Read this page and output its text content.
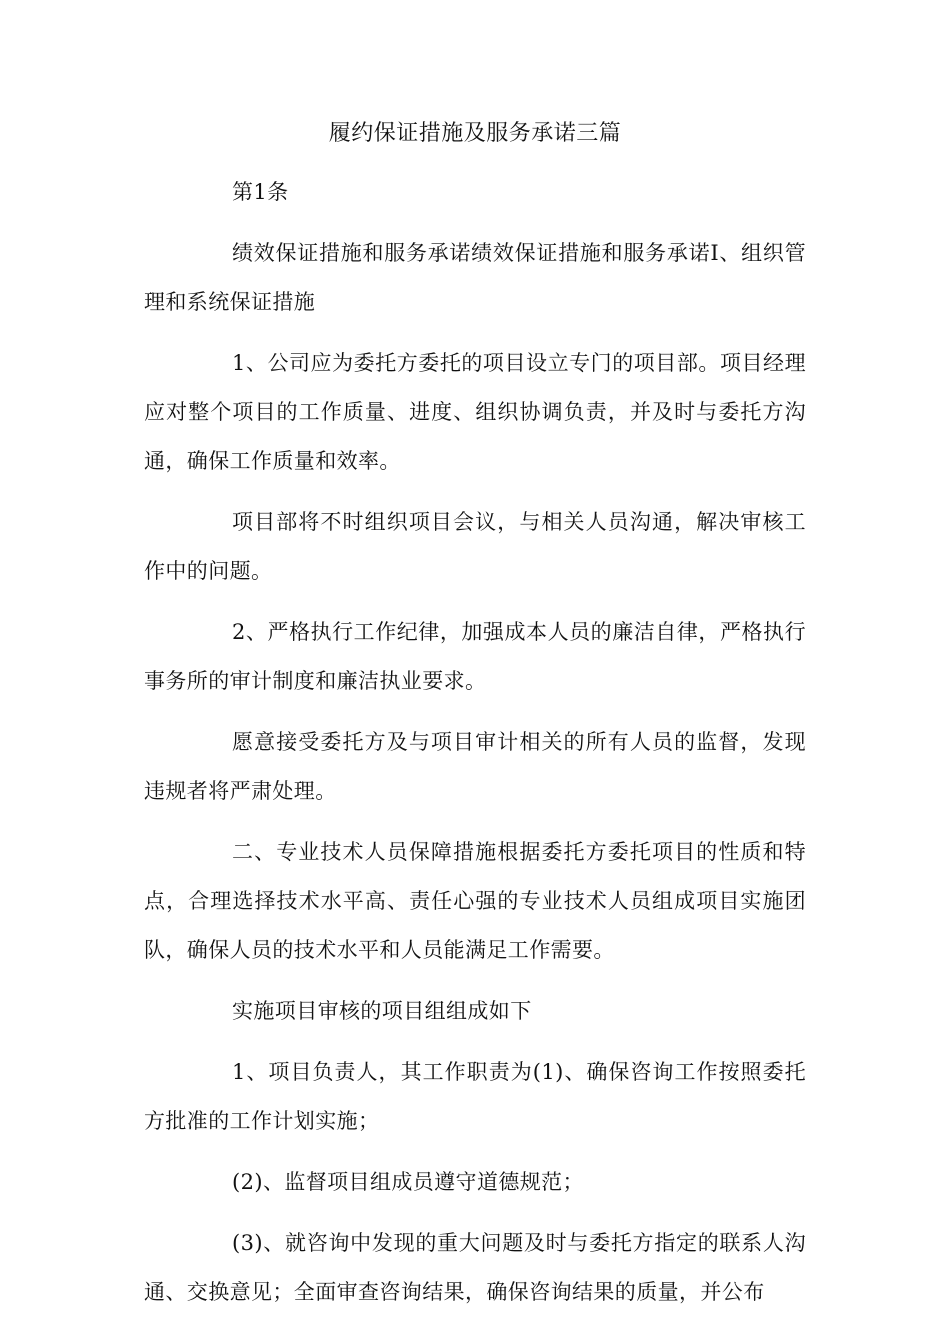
履约保证措施及服务承诺三篇

第1条

绩效保证措施和服务承诺绩效保证措施和服务承诺Ⅰ、组织管理和系统保证措施

1、公司应为委托方委托的项目设立专门的项目部。项目经理应对整个项目的工作质量、进度、组织协调负责，并及时与委托方沟通，确保工作质量和效率。

项目部将不时组织项目会议，与相关人员沟通，解决审核工作中的问题。

2、严格执行工作纪律，加强成本人员的廉洁自律，严格执行事务所的审计制度和廉洁执业要求。

愿意接受委托方及与项目审计相关的所有人员的监督，发现违规者将严肃处理。

二、专业技术人员保障措施根据委托方委托项目的性质和特点，合理选择技术水平高、责任心强的专业技术人员组成项目实施团队，确保人员的技术水平和人员能满足工作需要。

实施项目审核的项目组组成如下

1、项目负责人，其工作职责为(1)、确保咨询工作按照委托方批准的工作计划实施；

(2)、监督项目组成员遵守道德规范；

(3)、就咨询中发现的重大问题及时与委托方指定的联系人沟通、交换意见；全面审查咨询结果，确保咨询结果的质量，并公布
